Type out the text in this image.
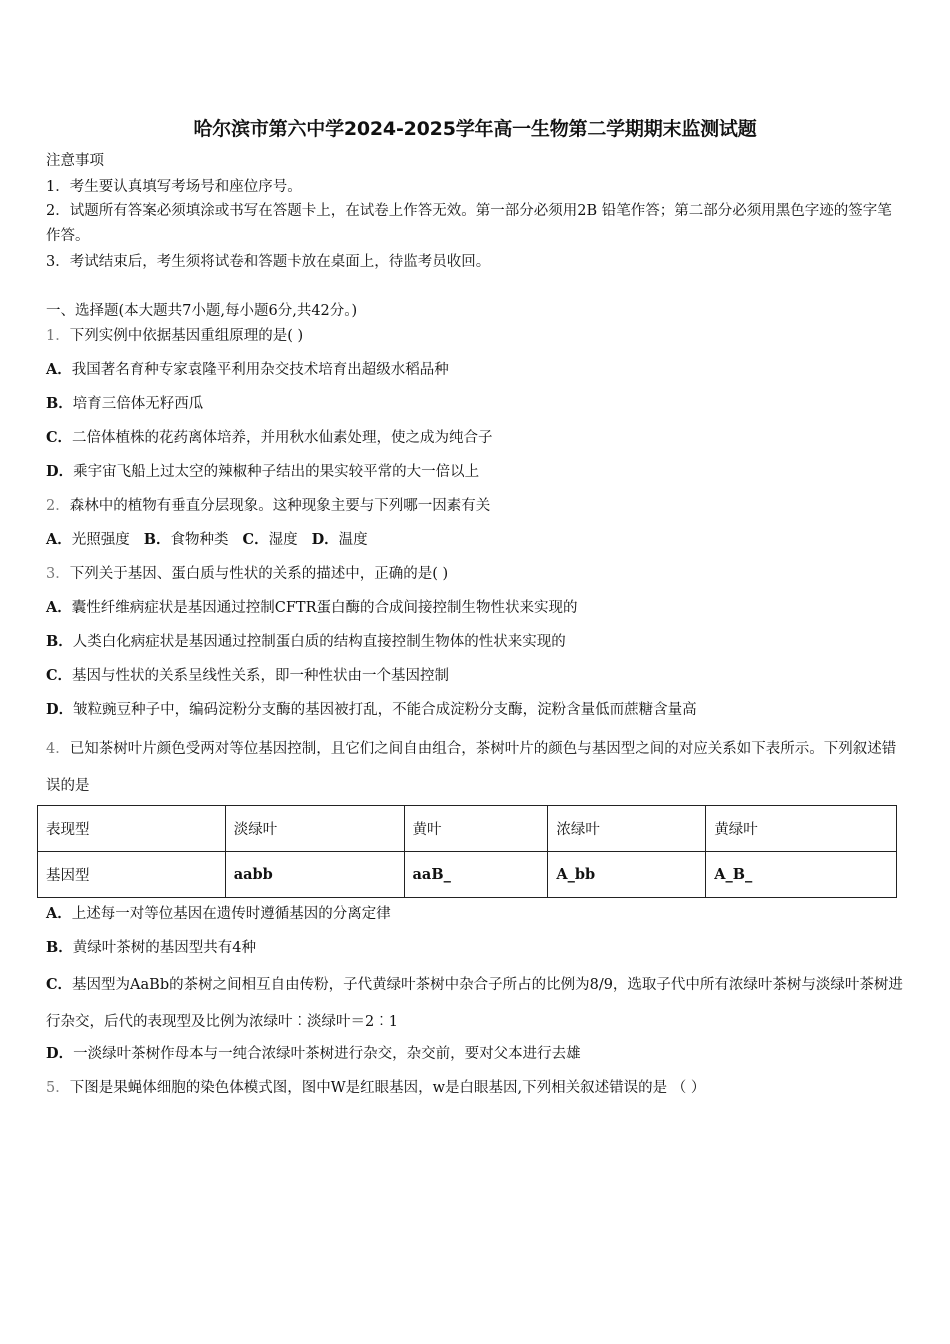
哈尔滨市第六中学2024-2025学年高一生物第二学期期末监测试题
注意事项
1．考生要认真填写考场号和座位序号。
2．试题所有答案必须填涂或书写在答题卡上，在试卷上作答无效。第一部分必须用2B 铅笔作答；第二部分必须用黑色字迹的签字笔作答。
3．考试结束后，考生须将试卷和答题卡放在桌面上，待监考员收回。
一、选择题(本大题共7小题,每小题6分,共42分。)
1．下列实例中依据基因重组原理的是( )
A．我国著名育种专家袁隆平利用杂交技术培育出超级水稻品种
B．培育三倍体无籽西瓜
C．二倍体植株的花药离体培养，并用秋水仙素处理，使之成为纯合子
D．乘宇宙飞船上过太空的辣椒种子结出的果实较平常的大一倍以上
2．森林中的植物有垂直分层现象。这种现象主要与下列哪一因素有关
A．光照强度 B．食物种类 C．湿度 D．温度
3．下列关于基因、蛋白质与性状的关系的描述中，正确的是( )
A．囊性纤维病症状是基因通过控制CFTR蛋白酶的合成间接控制生物性状来实现的
B．人类白化病症状是基因通过控制蛋白质的结构直接控制生物体的性状来实现的
C．基因与性状的关系呈线性关系，即一种性状由一个基因控制
D．皱粒豌豆种子中，编码淀粉分支酶的基因被打乱，不能合成淀粉分支酶，淀粉含量低而蔗糖含量高
4．已知茶树叶片颜色受两对等位基因控制，且它们之间自由组合，茶树叶片的颜色与基因型之间的对应关系如下表所示。下列叙述错误的是
表现型	淡绿叶	黄叶	浓绿叶	黄绿叶
基因型	aabb	aaB_	A_bb	A_B_
A．上述每一对等位基因在遗传时遵循基因的分离定律
B．黄绿叶茶树的基因型共有4种
C．基因型为AaBb的茶树之间相互自由传粉，子代黄绿叶茶树中杂合子所占的比例为8/9，选取子代中所有浓绿叶茶树与淡绿叶茶树进行杂交，后代的表现型及比例为浓绿叶︰淡绿叶＝2︰1
D．一淡绿叶茶树作母本与一纯合浓绿叶茶树进行杂交，杂交前，要对父本进行去雄
5．下图是果蝇体细胞的染色体模式图，图中W是红眼基因，w是白眼基因,下列相关叙述错误的是 （ ）
